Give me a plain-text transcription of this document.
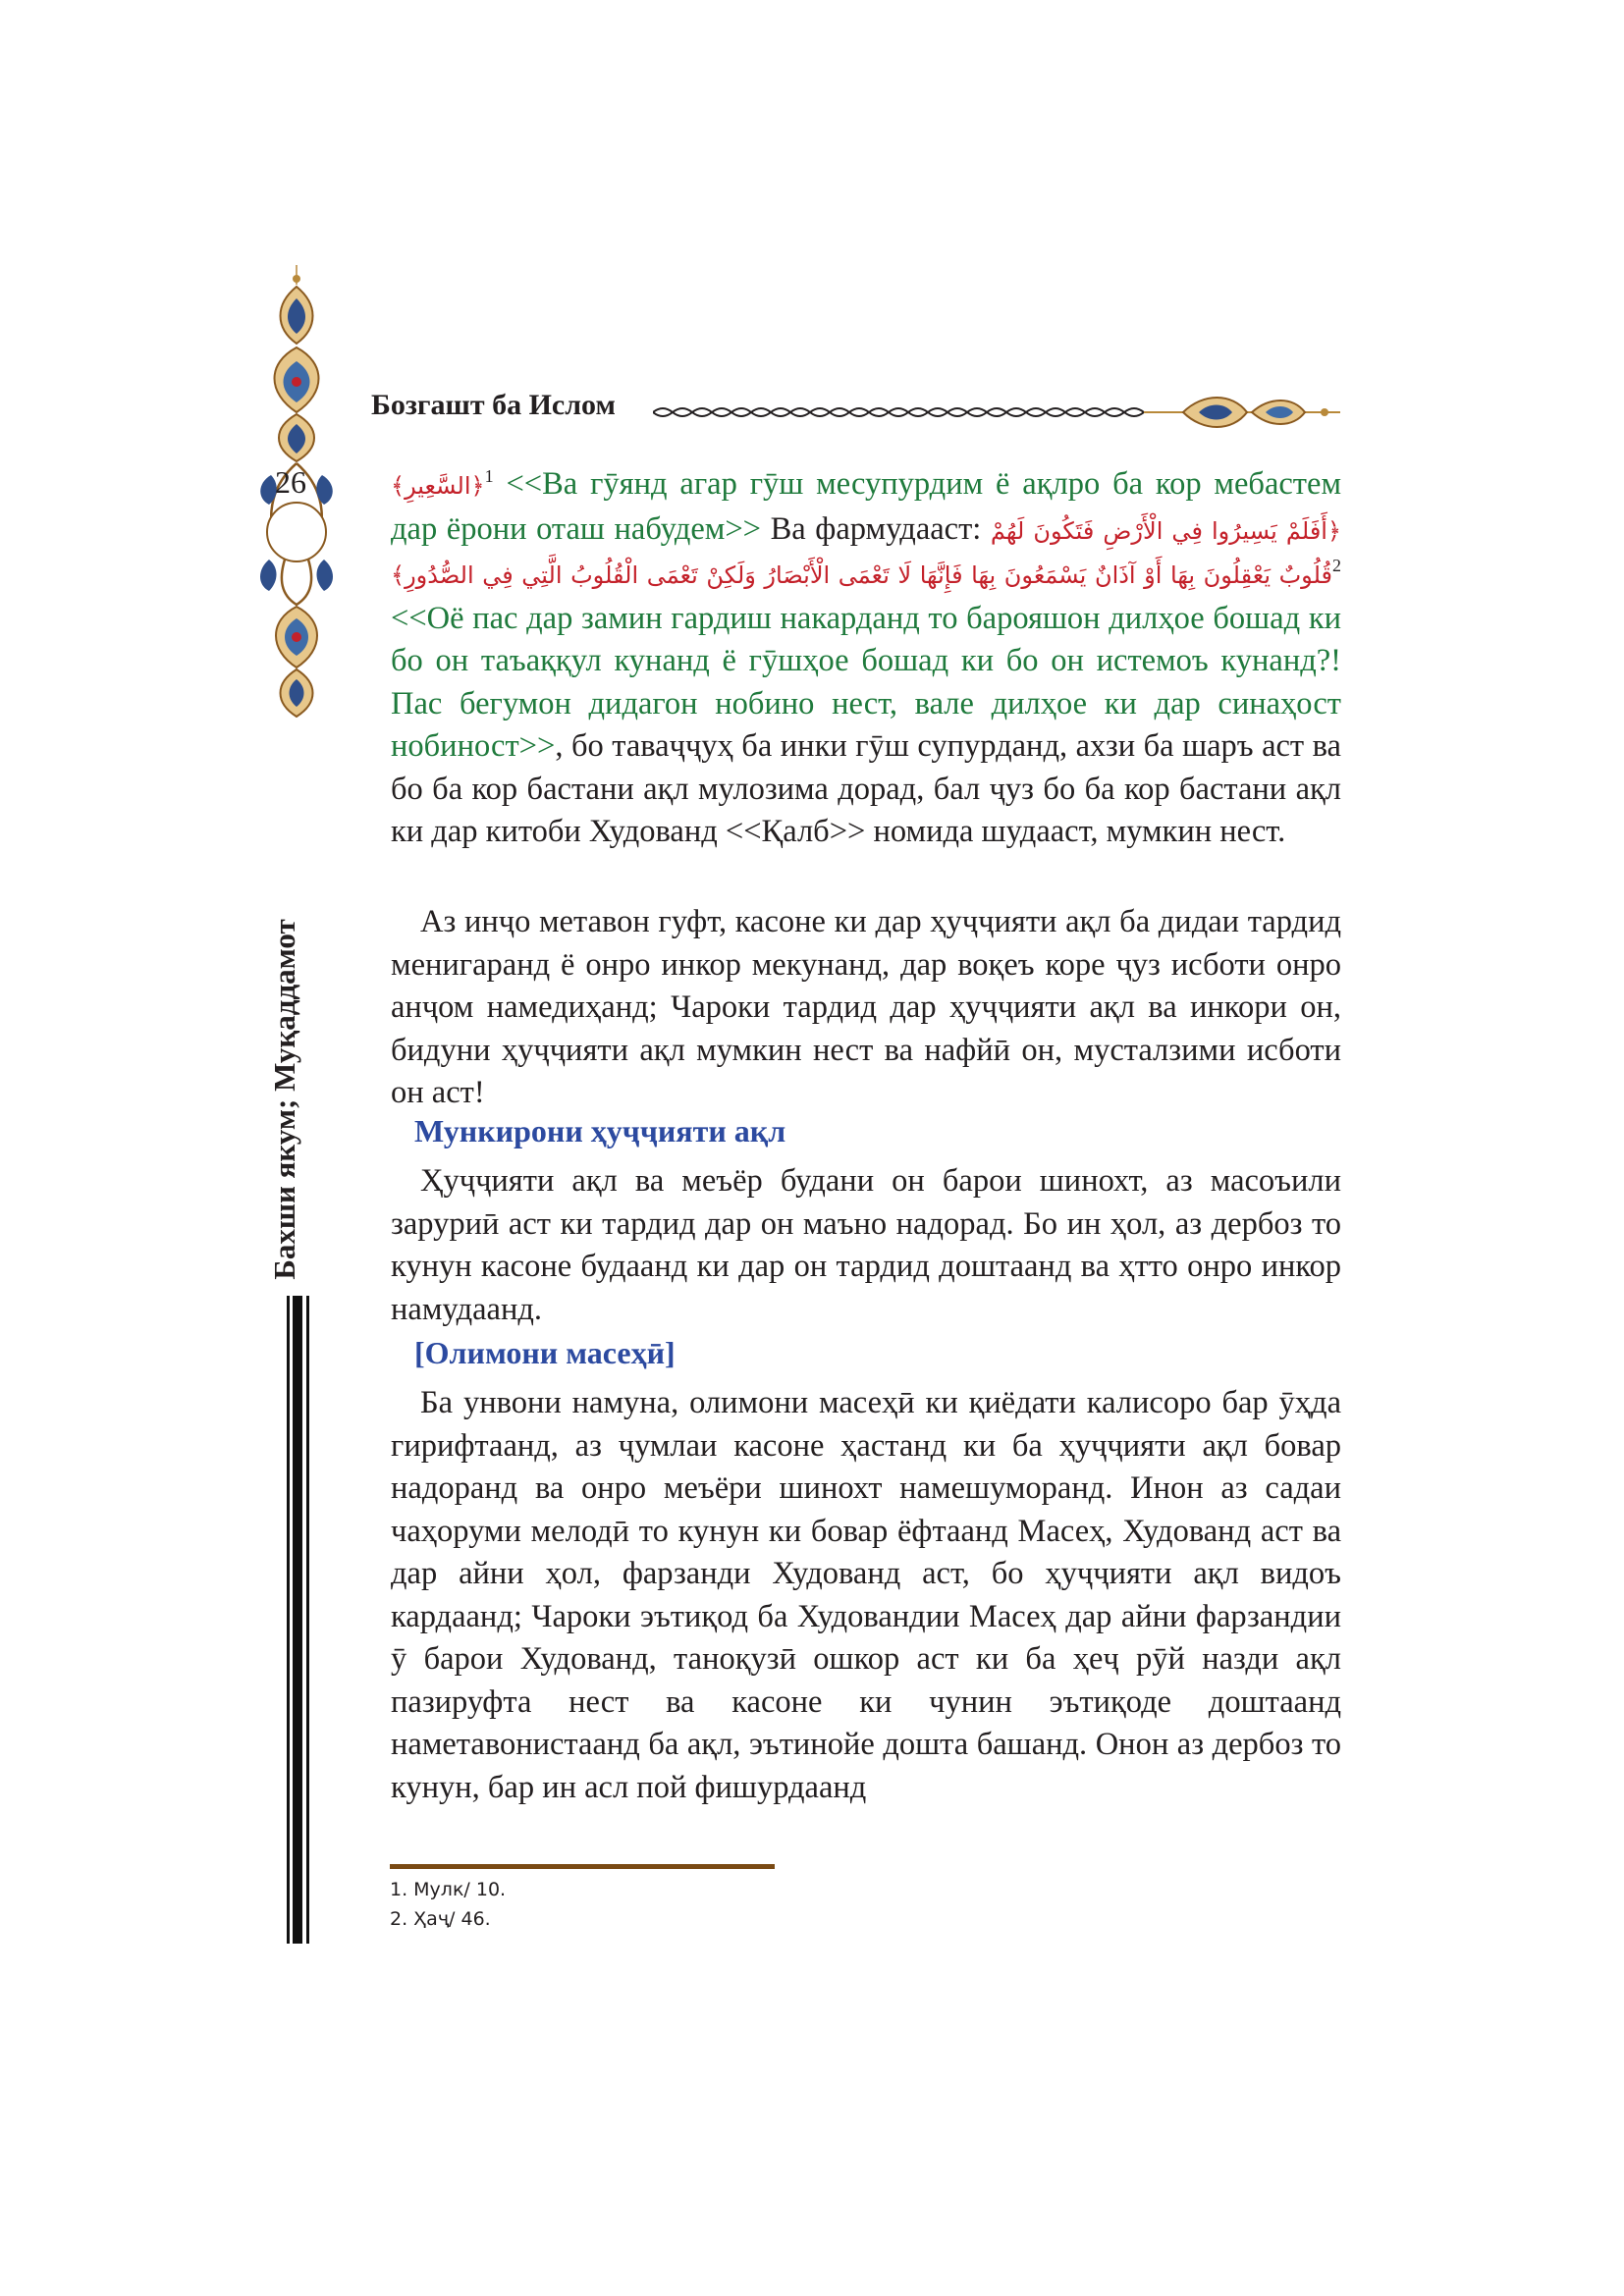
26
Бахши якум; Муқаддамот
Бозгашт ба Ислом

﴿السَّعِيرِ﴾$^1$ <<Ва гӯянд агар гӯш месупурдим ё ақлро ба кор мебастем дар ёрони оташ набудем>> Ва фармудааст: ﴿أَفَلَمْ يَسِيرُوا فِي الْأَرْضِ فَتَكُونَ لَهُمْ قُلُوبٌ يَعْقِلُونَ بِهَا أَوْ آذَانٌ يَسْمَعُونَ بِهَا فَإِنَّهَا لَا تَعْمَى الْأَبْصَارُ وَلَكِنْ تَعْمَى الْقُلُوبُ الَّتِي فِي الصُّدُورِ﴾$^2$ <<Оё пас дар замин гардиш накарданд то барояшон дилҳое бошад ки бо он таъаққул кунанд ё гӯшҳое бошад ки бо он истемоъ кунанд?! Пас бегумон дидагон нобино нест, вале дилҳое ки дар синаҳост нобиност>>, бо таваҷҷуҳ ба инки гӯш супурданд, ахзи ба шаръ аст ва бо ба кор бастани ақл мулозима дорад, бал ҷуз бо ба кор бастани ақл ки дар китоби Худованд <<Қалб>> номида шудааст, мумкин нест.

Аз инҷо метавон гуфт, касоне ки дар ҳуҷҷияти ақл ба дидаи тардид менигаранд ё онро инкор мекунанд, дар воқеъ коре ҷуз исботи онро анҷом намедиҳанд; Чароки тардид дар ҳуҷҷияти ақл ва инкори он, бидуни ҳуҷҷияти ақл мумкин нест ва нафйӣ он, мусталзими исботи он аст!

Мункирони ҳуҷҷияти ақл

Ҳуҷҷияти ақл ва меъёр будани он барои шинохт, аз масоъили заруриӣ аст ки тардид дар он маъно надорад. Бо ин ҳол, аз дербоз то кунун касоне будаанд ки дар он тардид доштаанд ва ҳтто онро инкор намудаанд.

[Олимони масеҳӣ]

Ба унвони намуна, олимони масеҳӣ ки қиёдати калисоро бар ӯҳда гирифтаанд, аз ҷумлаи касоне ҳастанд ки ба ҳуҷҷияти ақл бовар надоранд ва онро меъёри шинохт намешуморанд. Инон аз садаи чаҳоруми мелодӣ то кунун ки бовар ёфтаанд Масеҳ, Худованд аст ва дар айни ҳол, фарзанди Худованд аст, бо ҳуҷҷияти ақл видоъ кардаанд; Чароки эътиқод ба Худовандии Масеҳ дар айни фарзандии ӯ барои Худованд, таноқузӣ ошкор аст ки ба ҳеҷ рӯй назди ақл пазируфта нест ва касоне ки чунин эътиқоде доштаанд наметавонистаанд ба ақл, эътинойе дошта башанд. Онон аз дербоз то кунун, бар ин асл пой фишурдаанд

1. Мулк/ 10.
2. Ҳаҷ/ 46.
